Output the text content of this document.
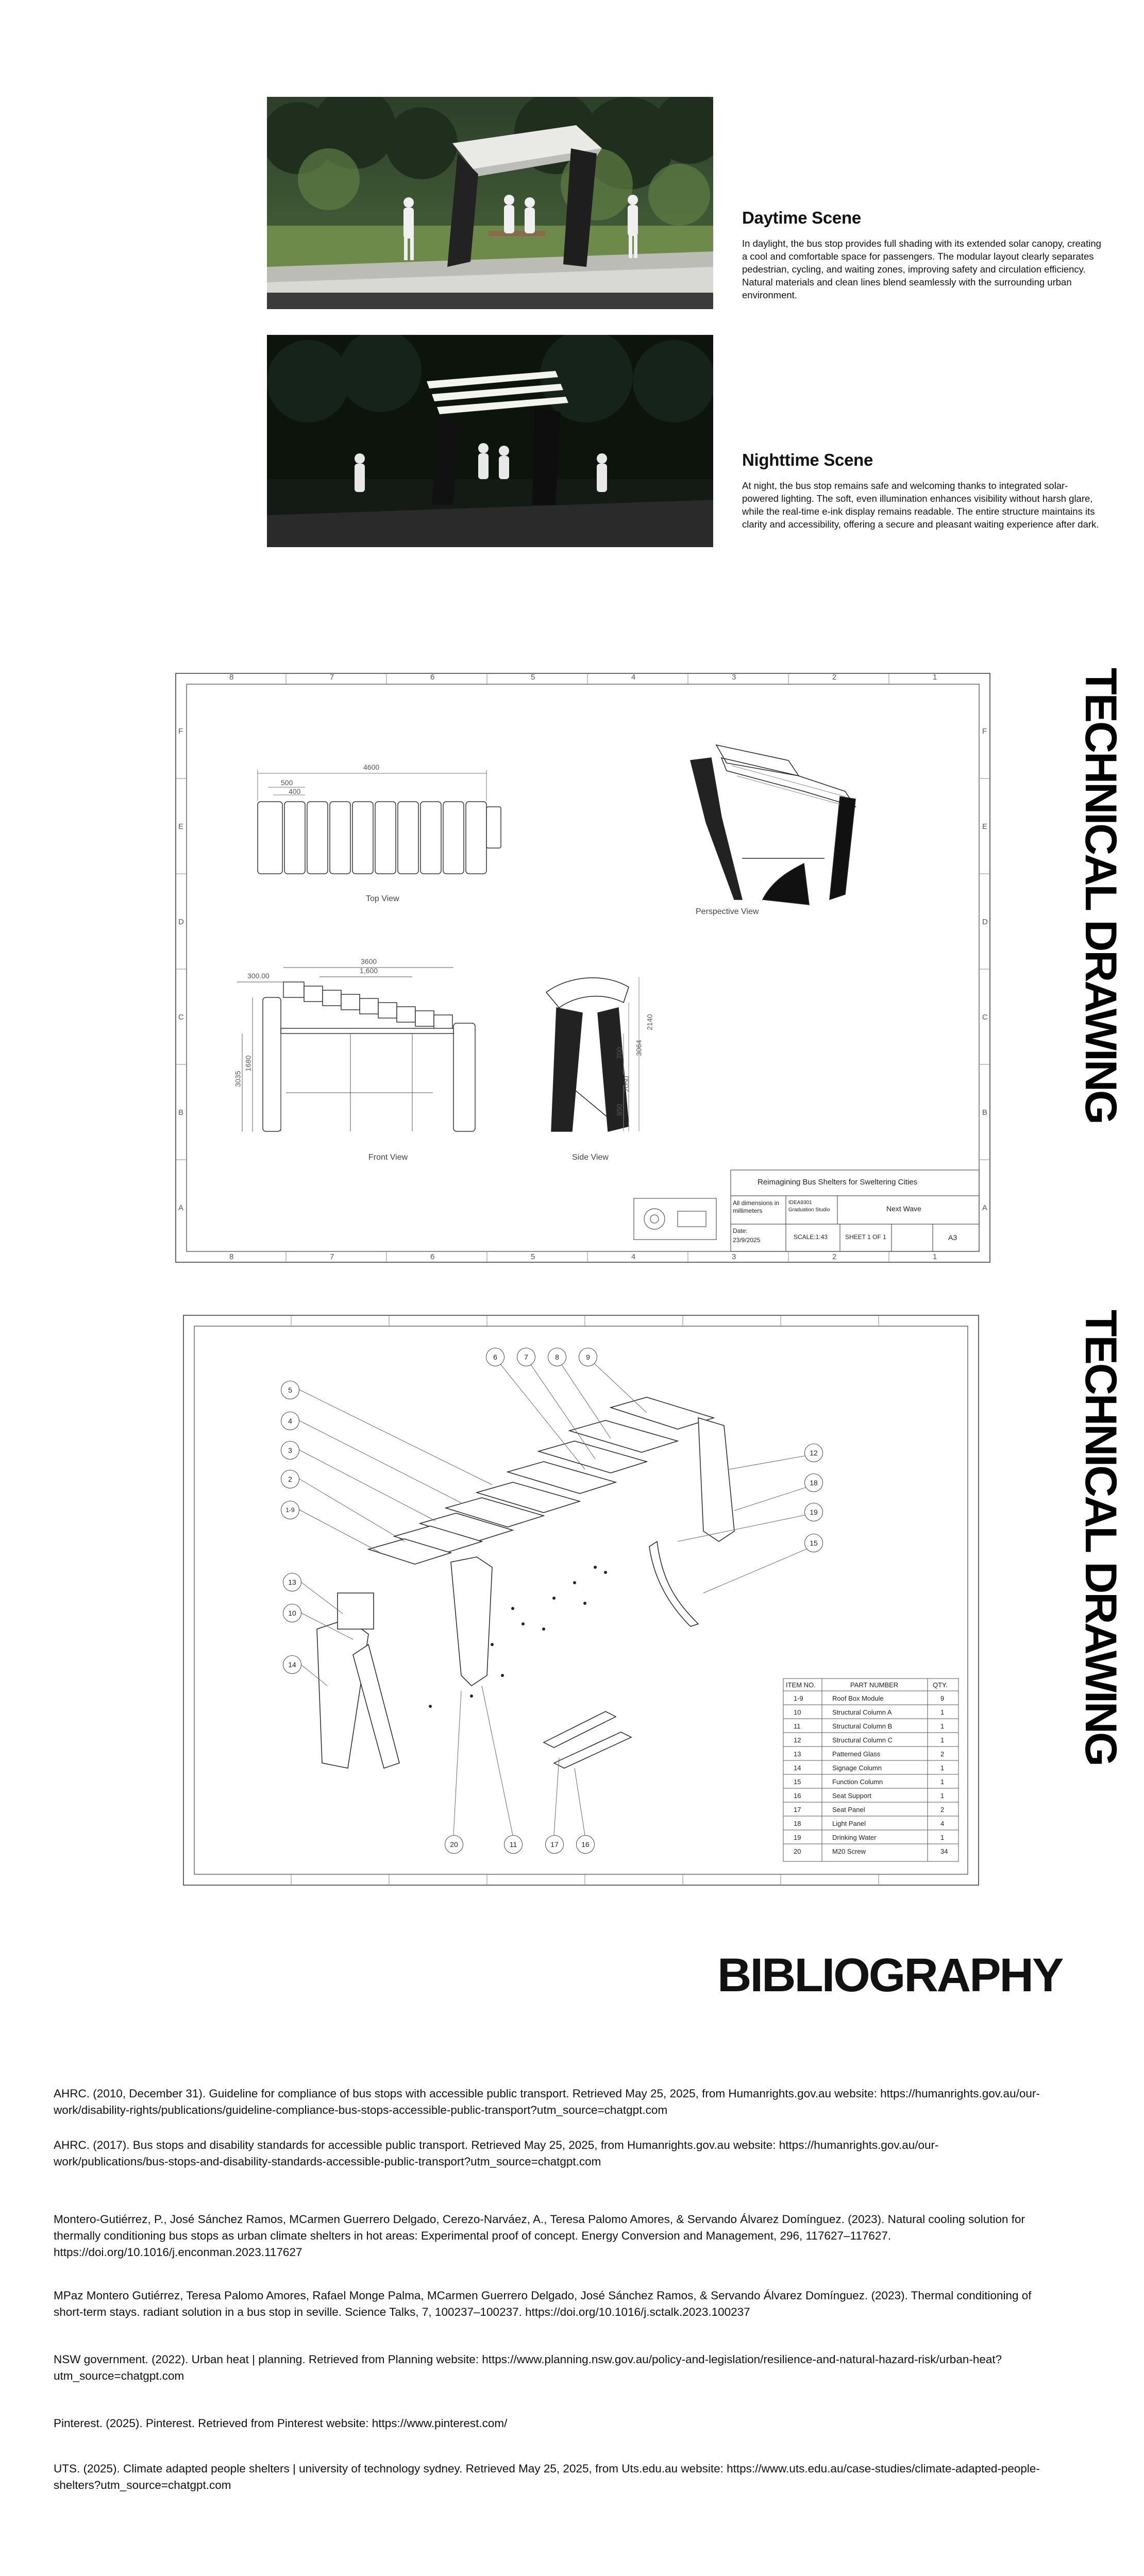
Daytime Scene
In daylight, the bus stop provides full shading with its extended solar canopy, creating a cool and comfortable space for passengers. The modular layout clearly separates pedestrian, cycling, and waiting zones, improving safety and circulation efficiency. Natural materials and clean lines blend seamlessly with the surrounding urban environment.
Nighttime Scene
At night, the bus stop remains safe and welcoming thanks to integrated solar-powered lighting. The soft, even illumination enhances visibility without harsh glare, while the real-time e-ink display remains readable. The entire structure maintains its clarity and accessibility, offering a secure and pleasant waiting experience after dark.
8	7	6	5	4	3	2	1
8	7	6	5	4	3	2	1
F
E
D
C
B
A
F
E
D
C
B
A
4600
500
400
3600
1,600
300.00
3035
1680
3064
2050
950
700
2140
Top View
Perspective View
Front View	Side View
Reimagining Bus Shelters for Sweltering Cities
All dimensions in millimeters
IDEA9301 Graduation Studio	Next Wave
Date:
23/9/2025	SCALE:1:43	SHEET 1 OF 1	A3
TECHNICAL DRAWING
6	7	8	9
5
4
3
2
1-9
12
18
19
15
13
10
14
20	11	17	16
ITEM NO.	PART NUMBER	QTY.
1-9	Roof Box Module	9
10	Structural Column A	1
11	Structural Column B	1
12	Structural Column C	1
13	Patterned Glass	2
14	Signage Column	1
15	Function Column	1
16	Seat Support	1
17	Seat Panel	2
18	Light Panel	4
19	Drinking Water	1
20	M20 Screw	34
TECHNICAL DRAWING
BIBLIOGRAPHY
AHRC. (2010, December 31). Guideline for compliance of bus stops with accessible public transport. Retrieved May 25, 2025, from Humanrights.gov.au website: https://humanrights.gov.au/our-work/disability-rights/publications/guideline-compliance-bus-stops-accessible-public-transport?utm_source=chatgpt.com
AHRC. (2017). Bus stops and disability standards for accessible public transport. Retrieved May 25, 2025, from Humanrights.gov.au website: https://humanrights.gov.au/our-work/publications/bus-stops-and-disability-standards-accessible-public-transport?utm_source=chatgpt.com
Montero-Gutiérrez, P., José Sánchez Ramos, MCarmen Guerrero Delgado, Cerezo-Narváez, A., Teresa Palomo Amores, & Servando Álvarez Domínguez. (2023). Natural cooling solution for thermally conditioning bus stops as urban climate shelters in hot areas: Experimental proof of concept. Energy Conversion and Management, 296, 117627–117627. https://doi.org/10.1016/j.enconman.2023.117627
MPaz Montero Gutiérrez, Teresa Palomo Amores, Rafael Monge Palma, MCarmen Guerrero Delgado, José Sánchez Ramos, & Servando Álvarez Domínguez. (2023). Thermal conditioning of short-term stays. radiant solution in a bus stop in seville. Science Talks, 7, 100237–100237. https://doi.org/10.1016/j.sctalk.2023.100237
NSW government. (2022). Urban heat | planning. Retrieved from Planning website: https://www.planning.nsw.gov.au/policy-and-legislation/resilience-and-natural-hazard-risk/urban-heat?utm_source=chatgpt.com
Pinterest. (2025). Pinterest. Retrieved from Pinterest website: https://www.pinterest.com/
UTS. (2025). Climate adapted people shelters | university of technology sydney. Retrieved May 25, 2025, from Uts.edu.au website: https://www.uts.edu.au/case-studies/climate-adapted-people-shelters?utm_source=chatgpt.com
